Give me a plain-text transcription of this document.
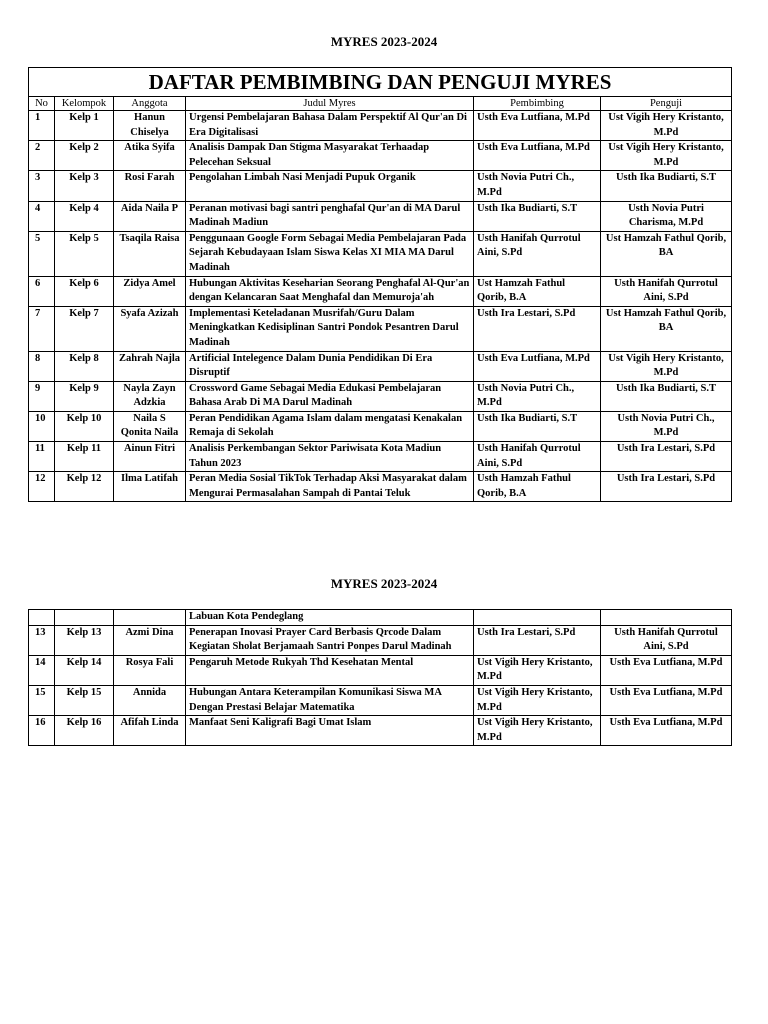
MYRES 2023-2024
DAFTAR PEMBIMBING DAN PENGUJI MYRES					
No	Kelompok	Anggota	Judul Myres	Pembimbing	Penguji
1	Kelp 1	Hanun Chiselya	Urgensi Pembelajaran Bahasa Dalam Perspektif Al Qur'an Di Era Digitalisasi	Usth Eva Lutfiana, M.Pd	Ust Vigih Hery Kristanto, M.Pd
2	Kelp 2	Atika Syifa	Analisis Dampak Dan Stigma Masyarakat Terhaadap Pelecehan Seksual	Usth Eva Lutfiana, M.Pd	Ust Vigih Hery Kristanto, M.Pd
3	Kelp 3	Rosi Farah	Pengolahan Limbah Nasi Menjadi Pupuk Organik	Usth Novia Putri Ch., M.Pd	Usth Ika Budiarti, S.T
4	Kelp 4	Aida Naila P	Peranan motivasi bagi santri penghafal Qur'an di MA Darul Madinah Madiun	Usth Ika Budiarti, S.T	Usth Novia Putri Charisma, M.Pd
5	Kelp 5	Tsaqila Raisa	Penggunaan Google Form Sebagai Media Pembelajaran Pada Sejarah Kebudayaan Islam Siswa Kelas XI MIA MA Darul Madinah	Usth Hanifah Qurrotul Aini, S.Pd	Ust Hamzah Fathul Qorib, BA
6	Kelp 6	Zidya Amel	Hubungan Aktivitas Keseharian Seorang Penghafal Al-Qur'an dengan Kelancaran Saat Menghafal dan Memuroja'ah	Ust Hamzah Fathul Qorib, B.A	Usth Hanifah Qurrotul Aini, S.Pd
7	Kelp 7	Syafa Azizah	Implementasi Keteladanan Musrifah/Guru Dalam Meningkatkan Kedisiplinan Santri Pondok Pesantren Darul Madinah	Usth Ira Lestari, S.Pd	Ust Hamzah Fathul Qorib, BA
8	Kelp 8	Zahrah Najla	Artificial Intelegence Dalam Dunia Pendidikan Di Era Disruptif	Usth Eva Lutfiana, M.Pd	Ust Vigih Hery Kristanto, M.Pd
9	Kelp 9	Nayla Zayn Adzkia	Crossword Game Sebagai Media Edukasi Pembelajaran Bahasa Arab Di MA Darul Madinah	Usth Novia Putri Ch., M.Pd	Usth Ika Budiarti, S.T
10	Kelp 10	Naila S Qonita Naila	Peran Pendidikan Agama Islam dalam mengatasi Kenakalan Remaja di Sekolah	Usth Ika Budiarti, S.T	Usth Novia Putri Ch., M.Pd
11	Kelp 11	Ainun Fitri	Analisis Perkembangan Sektor Pariwisata Kota Madiun Tahun 2023	Usth Hanifah Qurrotul Aini, S.Pd	Usth Ira Lestari, S.Pd
12	Kelp 12	Ilma Latifah	Peran Media Sosial TikTok Terhadap Aksi Masyarakat dalam Mengurai Permasalahan Sampah di Pantai Teluk	Usth Hamzah Fathul Qorib, B.A	Usth Ira Lestari, S.Pd
MYRES 2023-2024
			Labuan Kota Pendeglang		
13	Kelp 13	Azmi Dina	Penerapan Inovasi Prayer Card Berbasis Qrcode Dalam Kegiatan Sholat Berjamaah Santri Ponpes Darul Madinah	Usth Ira Lestari, S.Pd	Usth Hanifah Qurrotul Aini, S.Pd
14	Kelp 14	Rosya Fali	Pengaruh Metode Rukyah Thd Kesehatan Mental	Ust Vigih Hery Kristanto, M.Pd	Usth Eva Lutfiana, M.Pd
15	Kelp 15	Annida	Hubungan Antara Keterampilan Komunikasi Siswa MA Dengan Prestasi Belajar Matematika	Ust Vigih Hery Kristanto, M.Pd	Usth Eva Lutfiana, M.Pd
16	Kelp 16	Afifah Linda	Manfaat Seni Kaligrafi Bagi Umat Islam	Ust Vigih Hery Kristanto, M.Pd	Usth Eva Lutfiana, M.Pd
